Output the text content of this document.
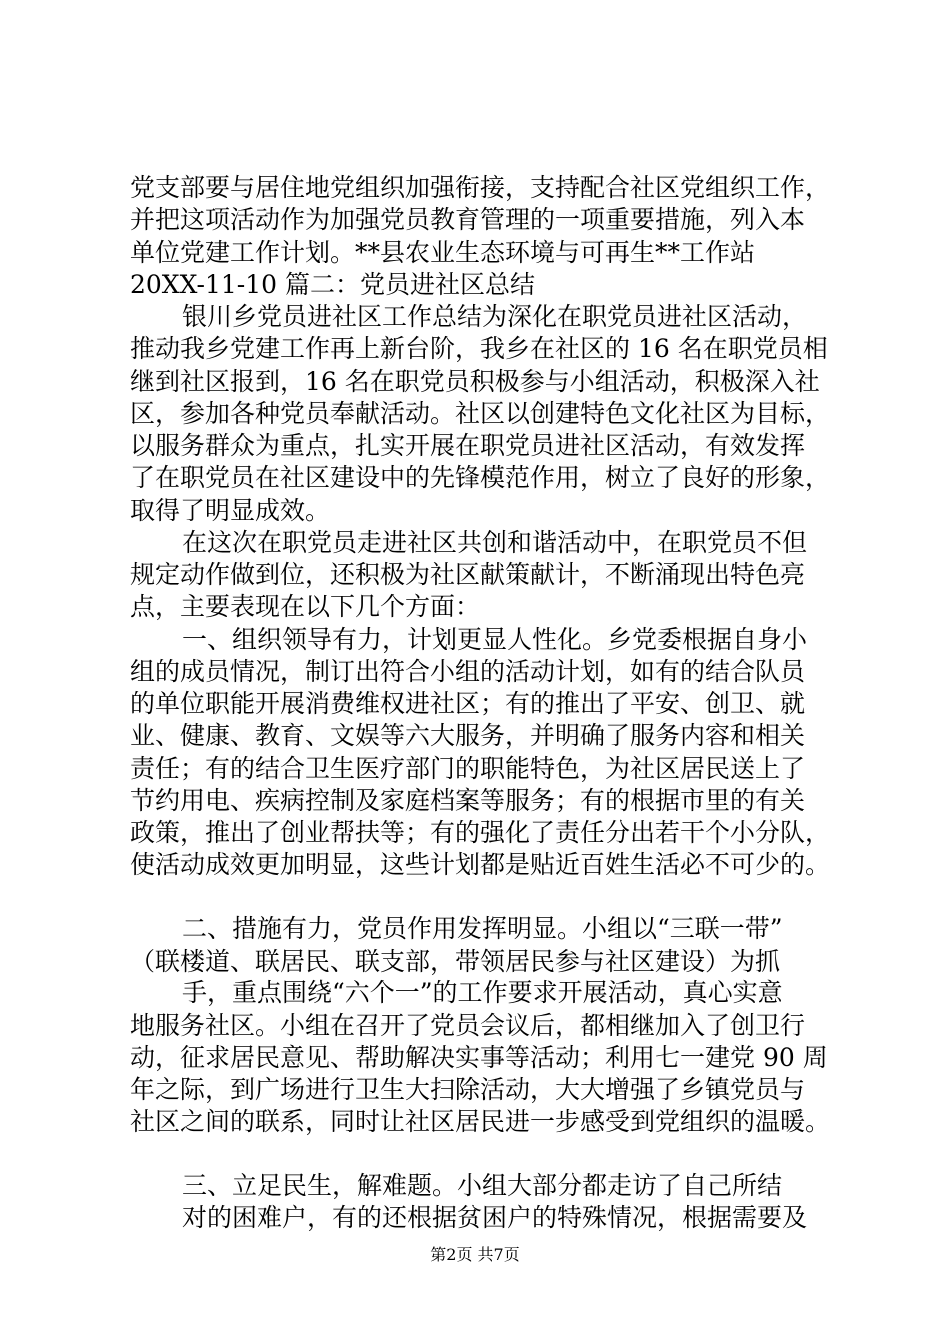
党支部要与居住地党组织加强衔接，支持配合社区党组织工作，

并把这项活动作为加强党员教育管理的一项重要措施，列入本

单位党建工作计划。**县农业生态环境与可再生**工作站

20XX-11-10 篇二：党员进社区总结

银川乡党员进社区工作总结为深化在职党员进社区活动，

推动我乡党建工作再上新台阶，我乡在社区的 16 名在职党员相

继到社区报到，16 名在职党员积极参与小组活动，积极深入社

区，参加各种党员奉献活动。社区以创建特色文化社区为目标，

以服务群众为重点，扎实开展在职党员进社区活动，有效发挥

了在职党员在社区建设中的先锋模范作用，树立了良好的形象，

取得了明显成效。

在这次在职党员走进社区共创和谐活动中，在职党员不但

规定动作做到位，还积极为社区献策献计，不断涌现出特色亮

点，主要表现在以下几个方面：

一、组织领导有力，计划更显人性化。乡党委根据自身小

组的成员情况，制订出符合小组的活动计划，如有的结合队员

的单位职能开展消费维权进社区；有的推出了平安、创卫、就

业、健康、教育、文娱等六大服务，并明确了服务内容和相关

责任；有的结合卫生医疗部门的职能特色，为社区居民送上了

节约用电、疾病控制及家庭档案等服务；有的根据市里的有关

政策，推出了创业帮扶等；有的强化了责任分出若干个小分队，

使活动成效更加明显，这些计划都是贴近百姓生活必不可少的。

二、措施有力，党员作用发挥明显。小组以“三联一带”

（联楼道、联居民、联支部，带领居民参与社区建设）为抓

手，重点围绕“六个一”的工作要求开展活动，真心实意

地服务社区。小组在召开了党员会议后，都相继加入了创卫行

动，征求居民意见、帮助解决实事等活动；利用七一建党 90 周

年之际，到广场进行卫生大扫除活动，大大增强了乡镇党员与

社区之间的联系，同时让社区居民进一步感受到党组织的温暖。

三、立足民生，解难题。小组大部分都走访了自己所结

对的困难户，有的还根据贫困户的特殊情况，根据需要及

第2页 共7页
